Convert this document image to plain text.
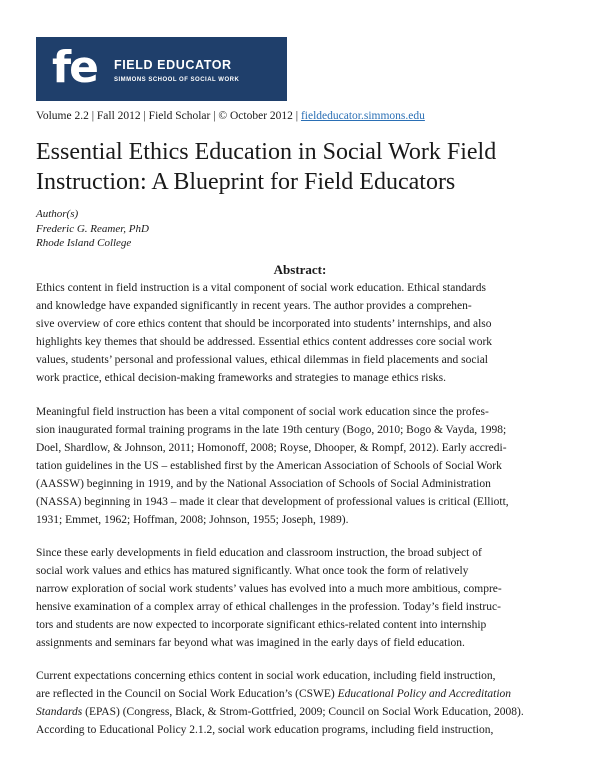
fe FIELD EDUCATOR
SIMMONS SCHOOL OF SOCIAL WORK
Volume 2.2 | Fall 2012 | Field Scholar | © October 2012 | fieldeducator.simmons.edu
Essential Ethics Education in Social Work Field
Instruction: A Blueprint for Field Educators
Author(s)
Frederic G. Reamer, PhD
Rhode Island College
Abstract:
Ethics content in field instruction is a vital component of social work education. Ethical standards
and knowledge have expanded significantly in recent years. The author provides a comprehen-
sive overview of core ethics content that should be incorporated into students’ internships, and also
highlights key themes that should be addressed. Essential ethics content addresses core social work
values, students’ personal and professional values, ethical dilemmas in field placements and social
work practice, ethical decision-making frameworks and strategies to manage ethics risks.
Meaningful field instruction has been a vital component of social work education since the profes-
sion inaugurated formal training programs in the late 19th century (Bogo, 2010; Bogo & Vayda, 1998;
Doel, Shardlow, & Johnson, 2011; Homonoff, 2008; Royse, Dhooper, & Rompf, 2012). Early accredi-
tation guidelines in the US – established first by the American Association of Schools of Social Work
(AASSW) beginning in 1919, and by the National Association of Schools of Social Administration
(NASSA) beginning in 1943 – made it clear that development of professional values is critical (Elliott,
1931; Emmet, 1962; Hoffman, 2008; Johnson, 1955; Joseph, 1989).
Since these early developments in field education and classroom instruction, the broad subject of
social work values and ethics has matured significantly. What once took the form of relatively
narrow exploration of social work students’ values has evolved into a much more ambitious, compre-
hensive examination of a complex array of ethical challenges in the profession. Today’s field instruc-
tors and students are now expected to incorporate significant ethics-related content into internship
assignments and seminars far beyond what was imagined in the early days of field education.
Current expectations concerning ethics content in social work education, including field instruction,
are reflected in the Council on Social Work Education’s (CSWE) Educational Policy and Accreditation
Standards (EPAS) (Congress, Black, & Strom-Gottfried, 2009; Council on Social Work Education, 2008).
According to Educational Policy 2.1.2, social work education programs, including field instruction,
